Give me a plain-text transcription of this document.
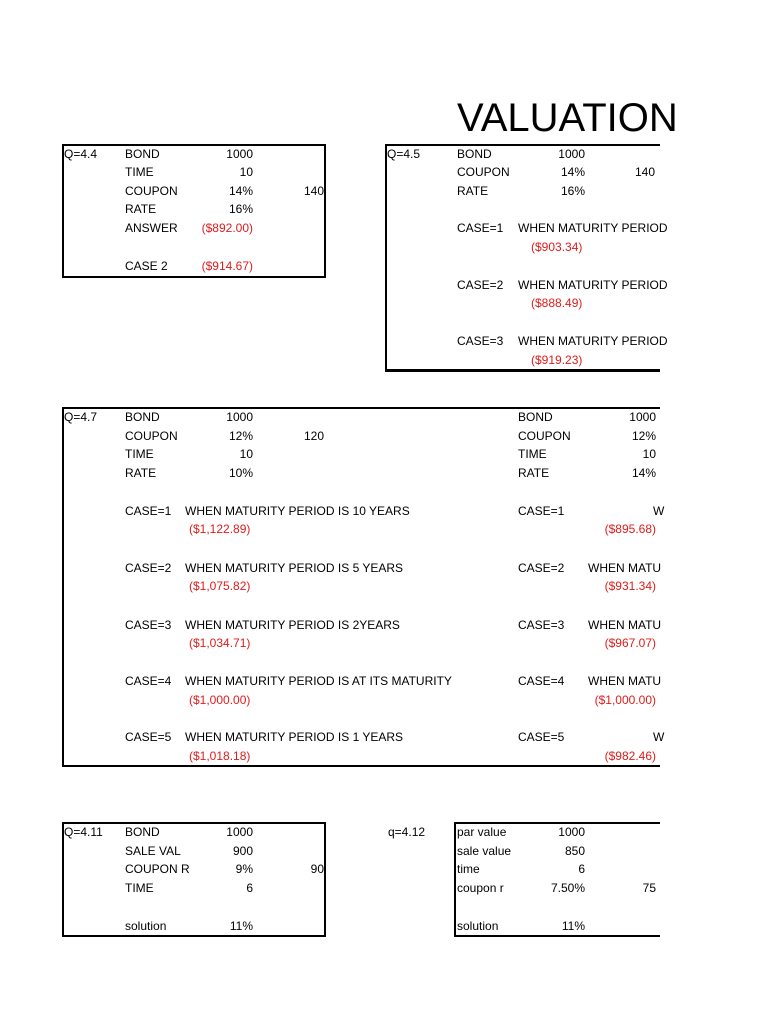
VALUATION
Q=4.4 BOND	1000
TIME	10
COUPON	14%	140
RATE	16%
ANSWER	($892.00)
CASE 2	($914.67)
Q=4.5	BOND	1000
COUPON	14%	140
RATE	16%
CASE=1 WHEN MATURITY PERIOD
($903.34)
CASE=2 WHEN MATURITY PERIOD
($888.49)
CASE=3 WHEN MATURITY PERIOD
($919.23)
Q=4.7 BOND	1000
COUPON	12%	120
TIME	10
RATE	10%
CASE=1 WHEN MATURITY PERIOD IS 10 YEARS
($1,122.89)
CASE=2 WHEN MATURITY PERIOD IS 5 YEARS
($1,075.82)
CASE=3 WHEN MATURITY PERIOD IS 2YEARS
($1,034.71)
CASE=4 WHEN MATURITY PERIOD IS AT ITS MATURITY
($1,000.00)
CASE=5 WHEN MATURITY PERIOD IS 1 YEARS
($1,018.18)
BOND	1000
COUPON	12%
TIME	10
RATE	14%
CASE=1	W
($895.68)
CASE=2 WHEN MATU
($931.34)
CASE=3 WHEN MATU
($967.07)
CASE=4 WHEN MATU
($1,000.00)
CASE=5	W
($982.46)
Q=4.11 BOND	1000
SALE VAL	900
COUPON R	9%	90
TIME	6
solution	11%
q=4.12	par value	1000
sale value	850
time	6
coupon r	7.50%	75
solution	11%
